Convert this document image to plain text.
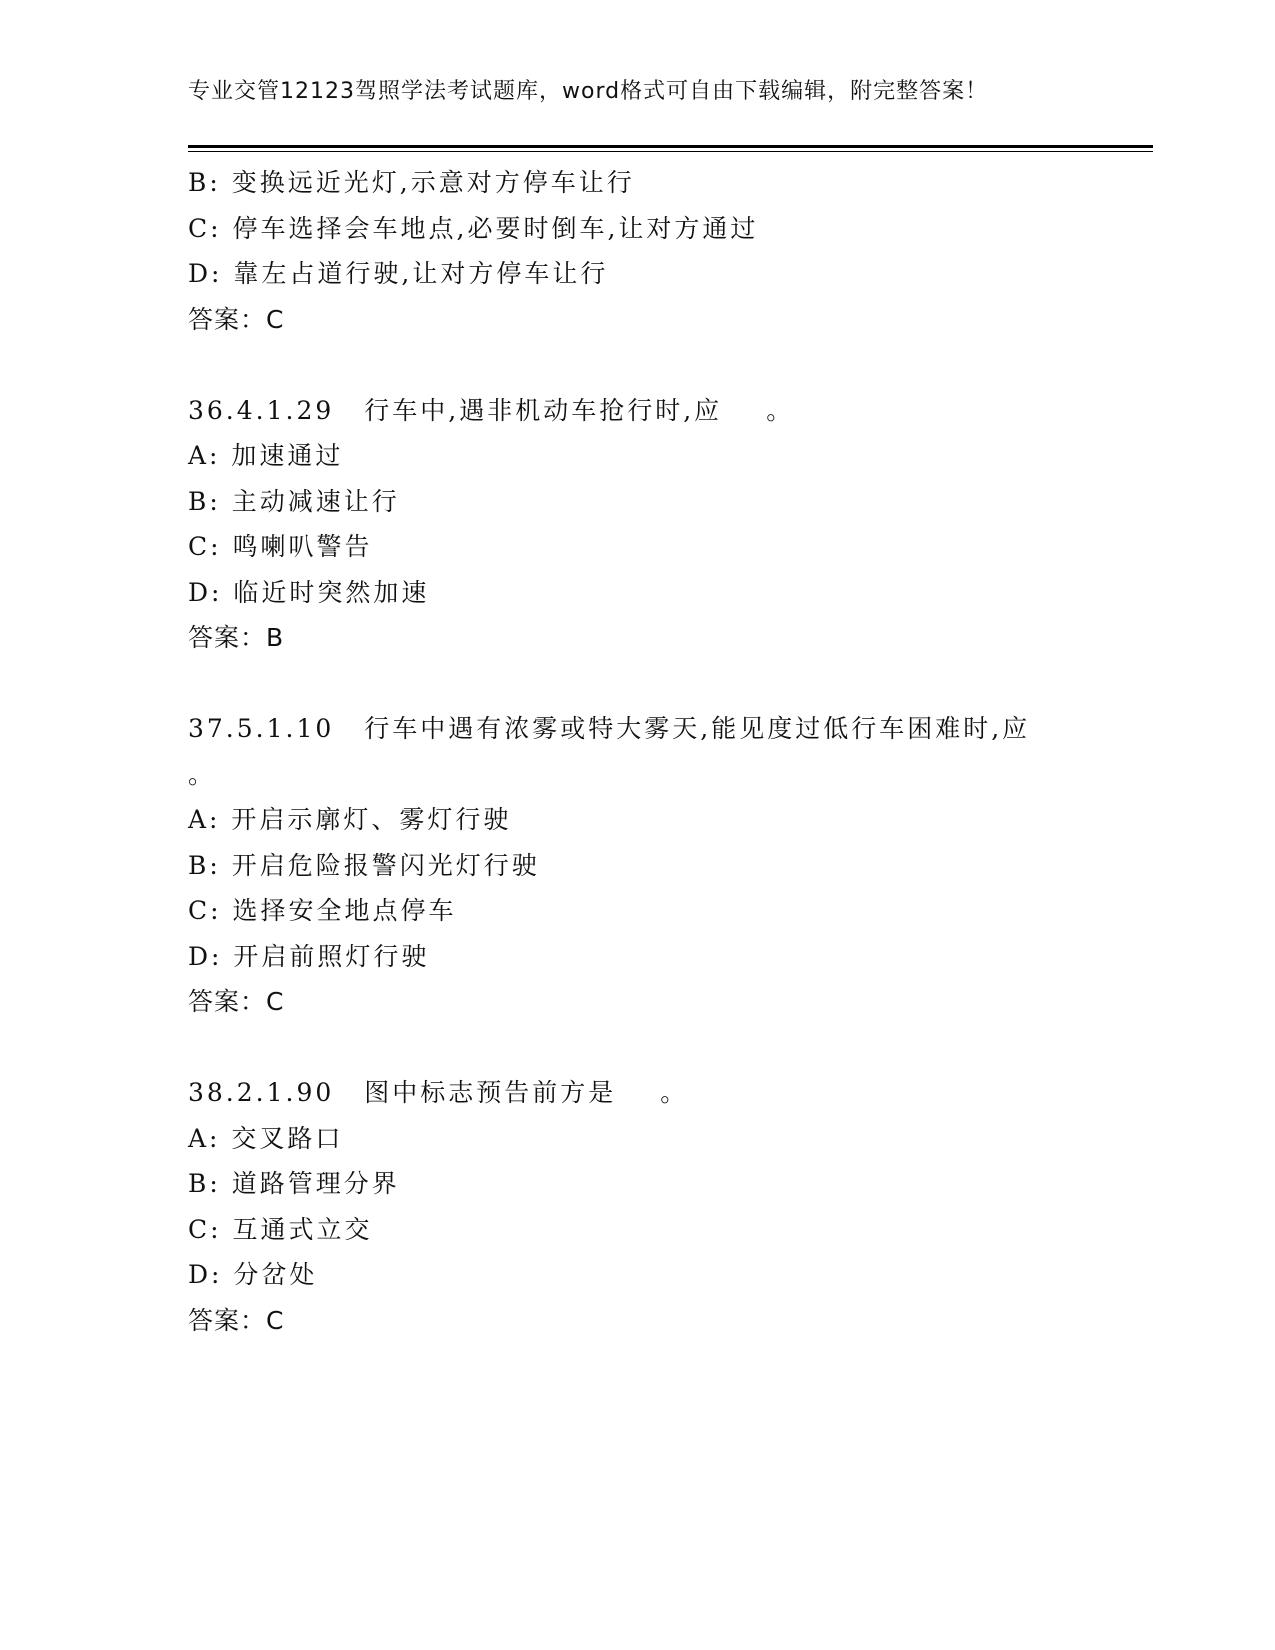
专业交管12123驾照学法考试题库，word格式可自由下载编辑，附完整答案！
B: 变换远近光灯,示意对方停车让行
C: 停车选择会车地点,必要时倒车,让对方通过
D: 靠左占道行驶,让对方停车让行
答案：C
36.4.1.29 行车中,遇非机动车抢行时,应 。
A: 加速通过
B: 主动减速让行
C: 鸣喇叭警告
D: 临近时突然加速
答案：B
37.5.1.10 行车中遇有浓雾或特大雾天,能见度过低行车困难时,应
。
A: 开启示廓灯、雾灯行驶
B: 开启危险报警闪光灯行驶
C: 选择安全地点停车
D: 开启前照灯行驶
答案：C
38.2.1.90 图中标志预告前方是 。
A: 交叉路口
B: 道路管理分界
C: 互通式立交
D: 分岔处
答案：C
